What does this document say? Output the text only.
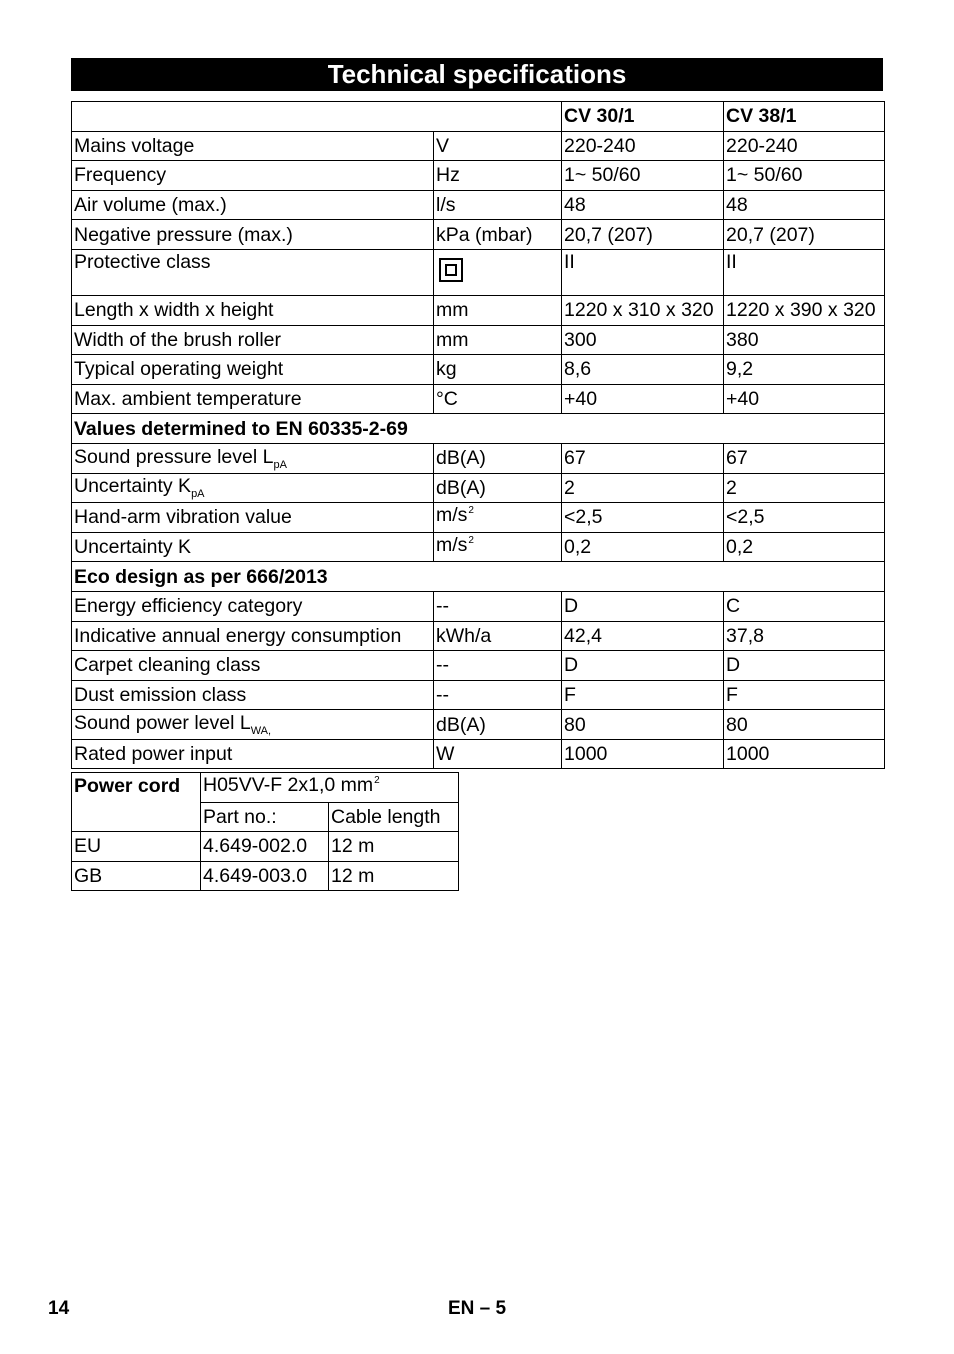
Technical specifications
		CV 30/1	CV 38/1
Mains voltage	V	220-240	220-240
Frequency	Hz	1~ 50/60	1~ 50/60
Air volume (max.)	l/s	48	48
Negative pressure (max.)	kPa (mbar)	20,7 (207)	20,7 (207)
Protective class		II	II
Length x width x height	mm	1220 x 310 x 320	1220 x 390 x 320
Width of the brush roller	mm	300	380
Typical operating weight	kg	8,6	9,2
Max. ambient temperature	°C	+40	+40
Values determined to EN 60335-2-69			
Sound pressure level $L_{pA}$	dB(A)	67	67
Uncertainty $K_{pA}$	dB(A)	2	2
Hand-arm vibration value	$m/s^2$	<2,5	<2,5
Uncertainty K	$m/s^2$	0,2	0,2
Eco design as per 666/2013			
Energy efficiency category	--	D	C
Indicative annual energy consumption	kWh/a	42,4	37,8
Carpet cleaning class	--	D	D
Dust emission class	--	F	F
Sound power level $L_{WA,}$	dB(A)	80	80
Rated power input	W	1000	1000
Power cord	H05VV-F 2x1,0 $mm^2$
	Part no.:	Cable length
EU	4.649-002.0	12 m
GB	4.649-003.0	12 m
14	EN – 5
